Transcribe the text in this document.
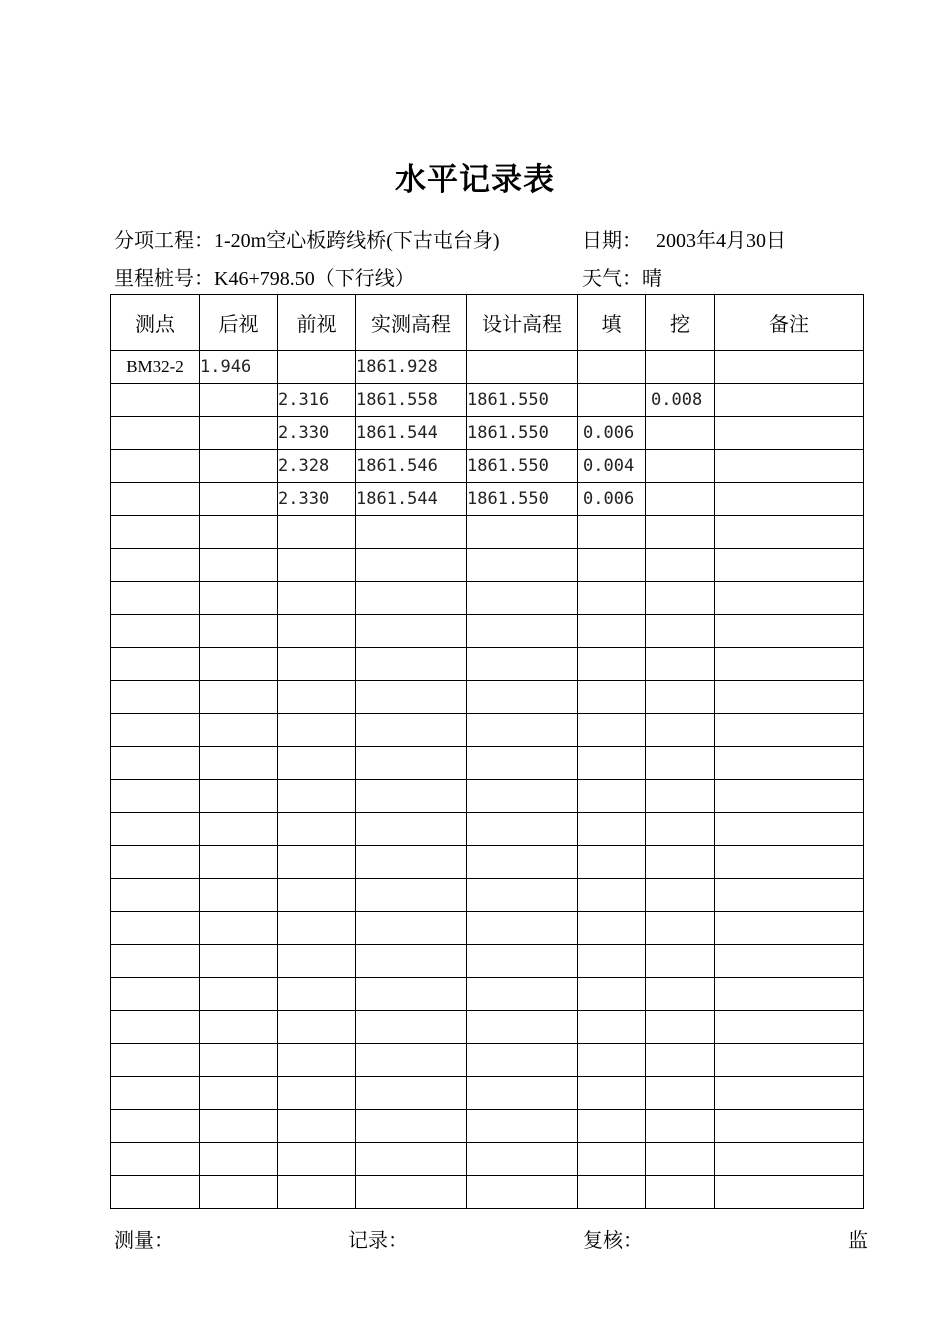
水平记录表
分项工程：1-20m空心板跨线桥(下古屯台身)	日期： 2003年4月30日
里程桩号：K46+798.50（下行线）	天气：晴
测点	后视	前视	实测高程	设计高程	填	挖	备注
BM32-2	1.946		1861.928				
		2.316	1861.558	1861.550		0.008	
		2.330	1861.544	1861.550	0.006		
		2.328	1861.546	1861.550	0.004		
		2.330	1861.544	1861.550	0.006		

测量：	记录：	复核：	监
